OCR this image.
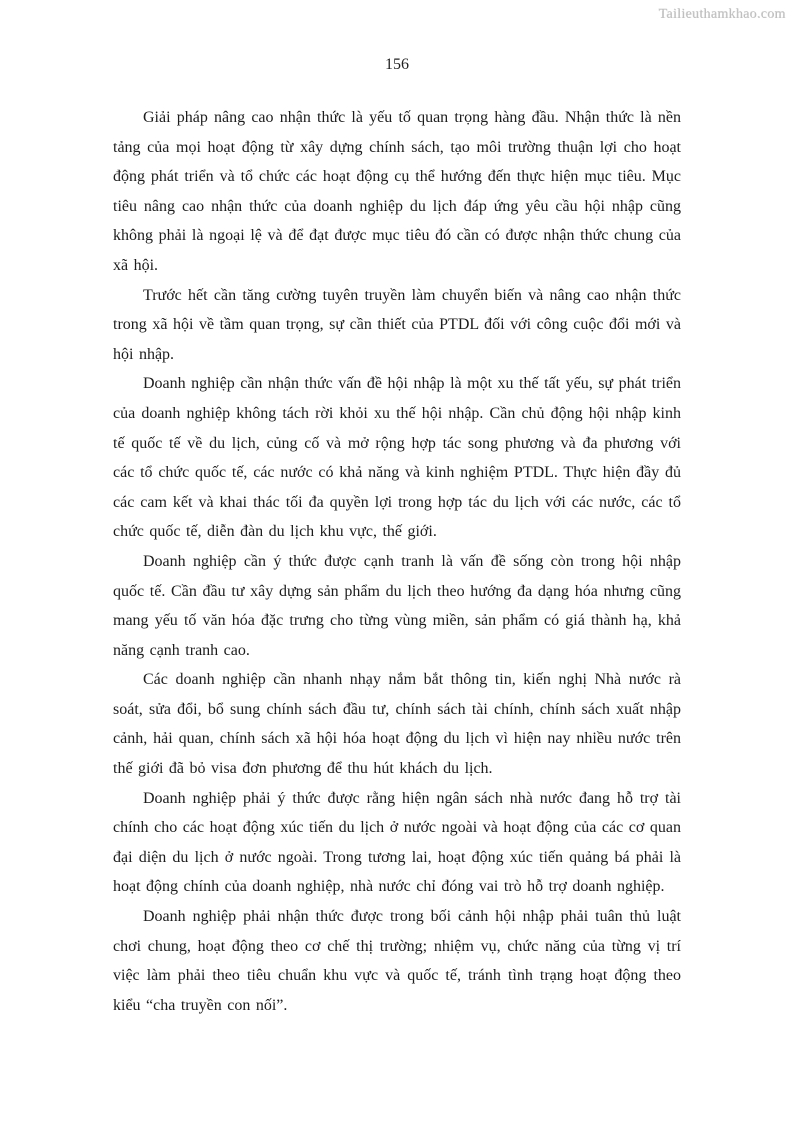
Tailieuthamkhao.com
156

Giải pháp nâng cao nhận thức là yếu tố quan trọng hàng đầu. Nhận thức là nền tảng của mọi hoạt động từ xây dựng chính sách, tạo môi trường thuận lợi cho hoạt động phát triển và tổ chức các hoạt động cụ thể hướng đến thực hiện mục tiêu. Mục tiêu nâng cao nhận thức của doanh nghiệp du lịch đáp ứng yêu cầu hội nhập cũng không phải là ngoại lệ và để đạt được mục tiêu đó cần có được nhận thức chung của xã hội.

Trước hết cần tăng cường tuyên truyền làm chuyển biến và nâng cao nhận thức trong xã hội về tầm quan trọng, sự cần thiết của PTDL đối với công cuộc đổi mới và hội nhập.

Doanh nghiệp cần nhận thức vấn đề hội nhập là một xu thế tất yếu, sự phát triển của doanh nghiệp không tách rời khỏi xu thế hội nhập. Cần chủ động hội nhập kinh tế quốc tế về du lịch, củng cố và mở rộng hợp tác song phương và đa phương với các tổ chức quốc tế, các nước có khả năng và kinh nghiệm PTDL. Thực hiện đầy đủ các cam kết và khai thác tối đa quyền lợi trong hợp tác du lịch với các nước, các tổ chức quốc tế, diễn đàn du lịch khu vực, thế giới.

Doanh nghiệp cần ý thức được cạnh tranh là vấn đề sống còn trong hội nhập quốc tế. Cần đầu tư xây dựng sản phẩm du lịch theo hướng đa dạng hóa nhưng cũng mang yếu tố văn hóa đặc trưng cho từng vùng miền, sản phẩm có giá thành hạ, khả năng cạnh tranh cao.

Các doanh nghiệp cần nhanh nhạy nắm bắt thông tin, kiến nghị Nhà nước rà soát, sửa đổi, bổ sung chính sách đầu tư, chính sách tài chính, chính sách xuất nhập cảnh, hải quan, chính sách xã hội hóa hoạt động du lịch vì hiện nay nhiều nước trên thế giới đã bỏ visa đơn phương để thu hút khách du lịch.

Doanh nghiệp phải ý thức được rằng hiện ngân sách nhà nước đang hỗ trợ tài chính cho các hoạt động xúc tiến du lịch ở nước ngoài và hoạt động của các cơ quan đại diện du lịch ở nước ngoài. Trong tương lai, hoạt động xúc tiến quảng bá phải là hoạt động chính của doanh nghiệp, nhà nước chỉ đóng vai trò hỗ trợ doanh nghiệp.

Doanh nghiệp phải nhận thức được trong bối cảnh hội nhập phải tuân thủ luật chơi chung, hoạt động theo cơ chế thị trường; nhiệm vụ, chức năng của từng vị trí việc làm phải theo tiêu chuẩn khu vực và quốc tế, tránh tình trạng hoạt động theo kiểu “cha truyền con nối”.
